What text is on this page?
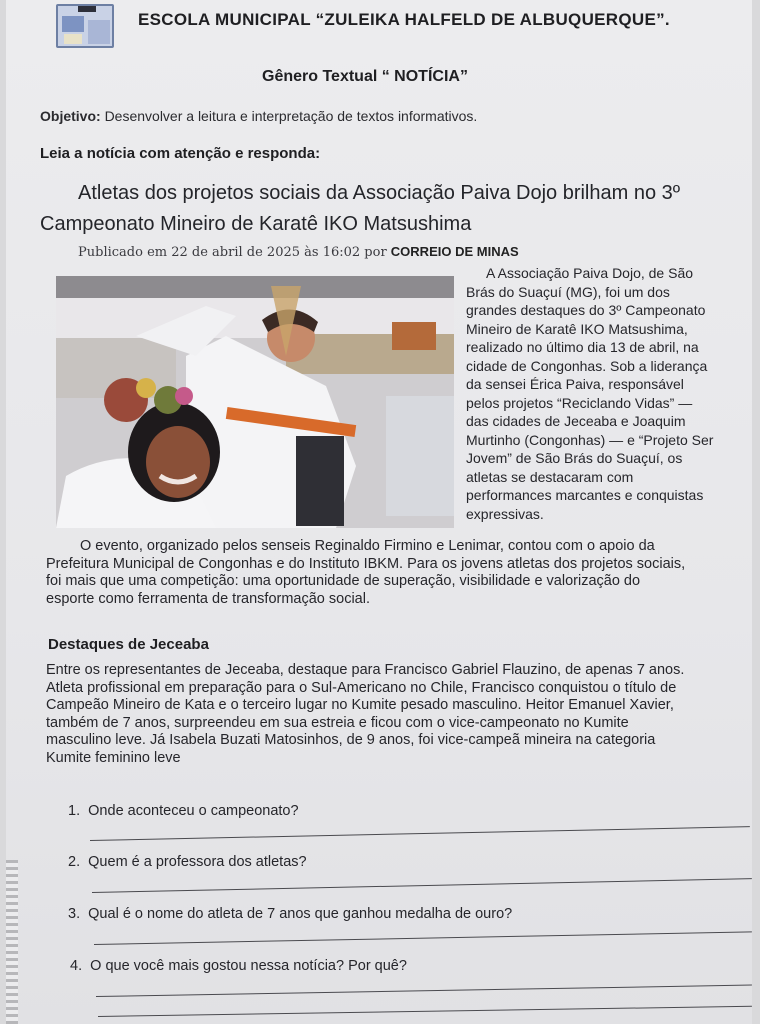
ESCOLA MUNICIPAL “ZULEIKA HALFELD DE ALBUQUERQUE”.
Gênero Textual “ NOTÍCIA”
Objetivo: Desenvolver a leitura e interpretação de textos informativos.
Leia a notícia com atenção e responda:
Atletas dos projetos sociais da Associação Paiva Dojo brilham no 3º
Campeonato Mineiro de Karatê IKO Matsushima
Publicado em 22 de abril de 2025 às 16:02 por CORREIO DE MINAS
A Associação Paiva Dojo, de São
Brás do Suaçuí (MG), foi um dos
grandes destaques do 3º Campeonato
Mineiro de Karatê IKO Matsushima,
realizado no último dia 13 de abril, na
cidade de Congonhas. Sob a liderança
da sensei Érica Paiva, responsável
pelos projetos “Reciclando Vidas” —
das cidades de Jeceaba e Joaquim
Murtinho (Congonhas) — e “Projeto Ser
Jovem” de São Brás do Suaçuí, os
atletas se destacaram com
performances marcantes e conquistas
expressivas.
O evento, organizado pelos senseis Reginaldo Firmino e Lenimar, contou com o apoio da
Prefeitura Municipal de Congonhas e do Instituto IBKM. Para os jovens atletas dos projetos sociais,
foi mais que uma competição: uma oportunidade de superação, visibilidade e valorização do
esporte como ferramenta de transformação social.
Destaques de Jeceaba
Entre os representantes de Jeceaba, destaque para Francisco Gabriel Flauzino, de apenas 7 anos.
Atleta profissional em preparação para o Sul-Americano no Chile, Francisco conquistou o título de
Campeão Mineiro de Kata e o terceiro lugar no Kumite pesado masculino. Heitor Emanuel Xavier,
também de 7 anos, surpreendeu em sua estreia e ficou com o vice-campeonato no Kumite
masculino leve. Já Isabela Buzati Matosinhos, de 9 anos, foi vice-campeã mineira na categoria
Kumite feminino leve
1. Onde aconteceu o campeonato?
2. Quem é a professora dos atletas?
3. Qual é o nome do atleta de 7 anos que ganhou medalha de ouro?
4. O que você mais gostou nessa notícia? Por quê?
